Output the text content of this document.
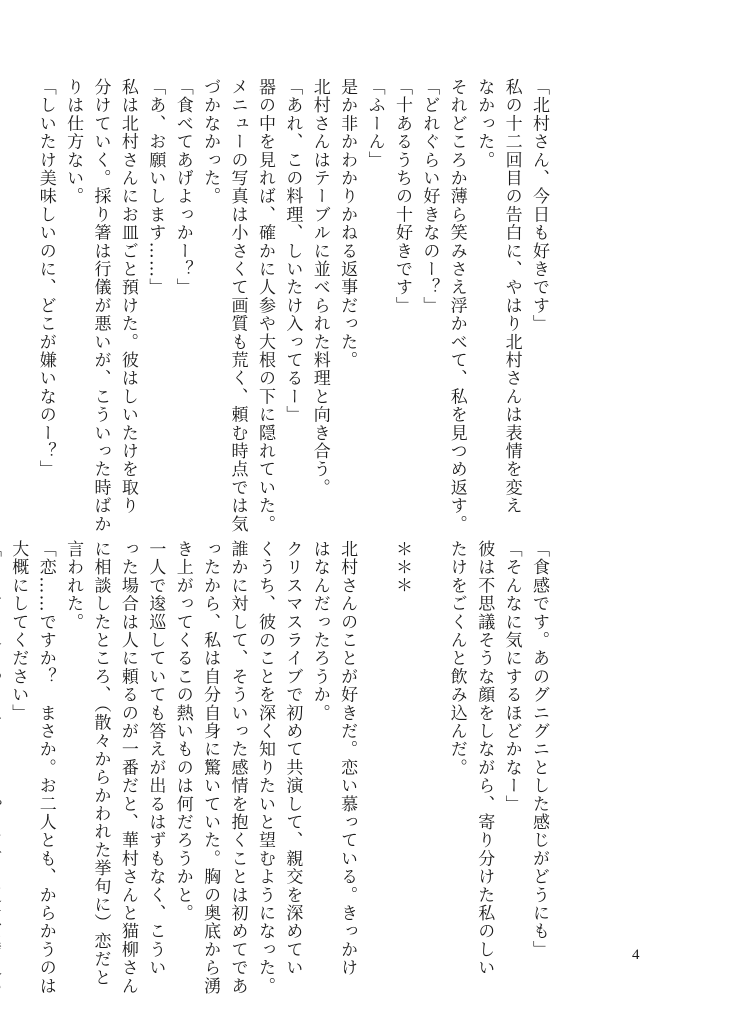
「北村さん、今日も好きです」

私の十二回目の告白に、やはり北村さんは表情を変え

なかった。

それどころか薄ら笑みさえ浮かべて、私を見つめ返す。

「どれぐらい好きなのー？」

「十あるうちの十好きです」

「ふーん」

是か非かわかりかねる返事だった。

北村さんはテーブルに並べられた料理と向き合う。

「あれ、この料理、しいたけ入ってるー」

器の中を見れば、確かに人参や大根の下に隠れていた。

メニューの写真は小さくて画質も荒く、頼む時点では気

づかなかった。

「食べてあげよっかー？」

「あ、お願いします……」

私は北村さんにお皿ごと預けた。彼はしいたけを取り

分けていく。採り箸は行儀が悪いが、こういった時ばか

りは仕方ない。

「しいたけ美味しいのに、どこが嫌いなのー？」

「食感です。あのグニグニとした感じがどうにも」

「そんなに気にするほどかなー」

彼は不思議そうな顔をしながら、寄り分けた私のしい

たけをごくんと飲み込んだ。

＊＊＊

北村さんのことが好きだ。恋い慕っている。きっかけ

はなんだったろうか。

クリスマスライブで初めて共演して、親交を深めてい

くうち、彼のことを深く知りたいと望むようになった。

誰かに対して、そういった感情を抱くことは初めてであ

ったから、私は自分自身に驚いていた。胸の奥底から湧

き上がってくるこの熱いものは何だろうかと。

一人で逡巡していても答えが出るはずもなく、こうい

った場合は人に頼るのが一番だと、華村さんと猫柳さん

に相談したところ、（散々からかわれた挙句に）恋だと

言われた。

「恋……ですか？　まさか。お二人とも、からかうのは

大概にしてください」

4
